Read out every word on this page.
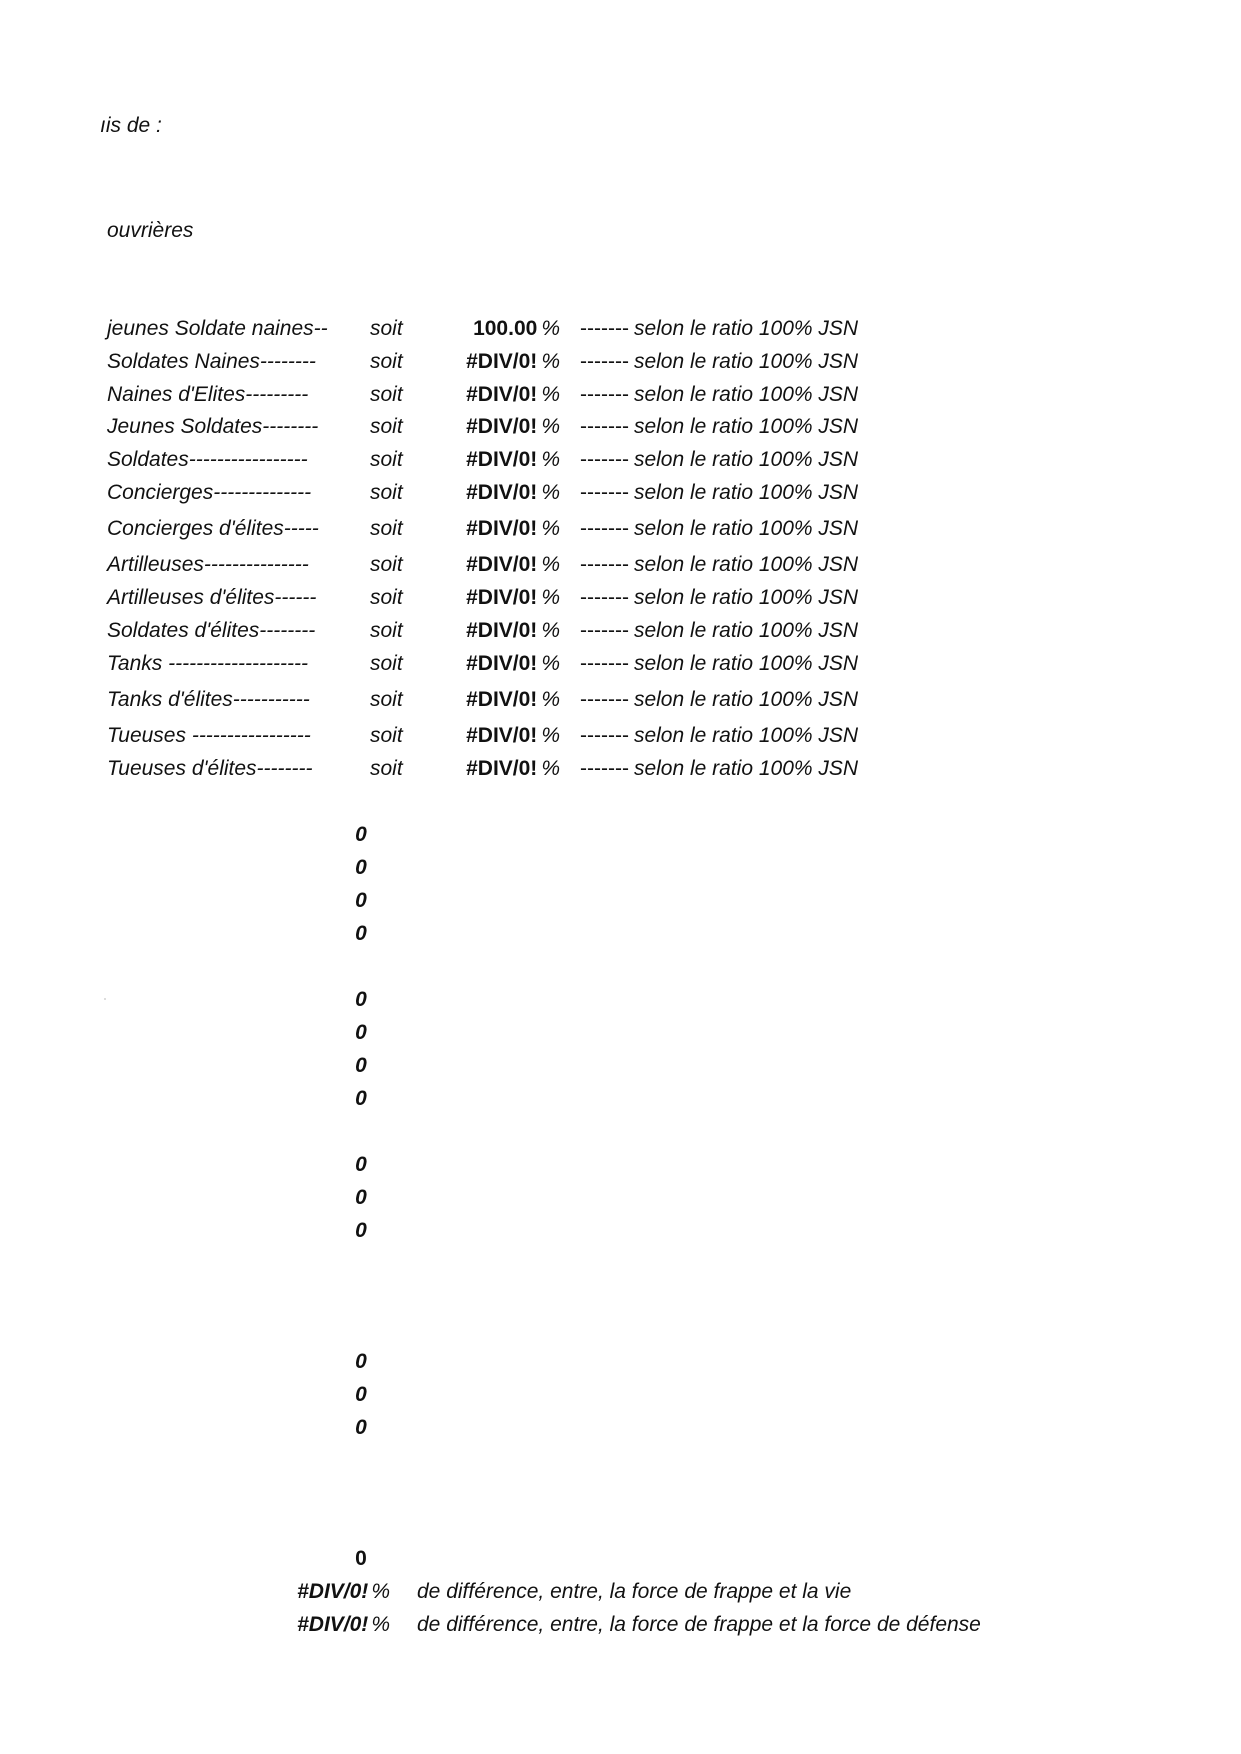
ıis de :
ouvrières
jeunes Soldate naines-- soit	100.00 % ------- selon le ratio 100% JSN
Soldates Naines--------	soit	#DIV/0! % ------- selon le ratio 100% JSN
Naines d'Elites---------	soit	#DIV/0! % ------- selon le ratio 100% JSN
Jeunes Soldates-------- soit	#DIV/0! % ------- selon le ratio 100% JSN
Soldates-----------------	soit	#DIV/0! % ------- selon le ratio 100% JSN
Concierges--------------	soit	#DIV/0! % ------- selon le ratio 100% JSN
Concierges d'élites----- soit	#DIV/0! % ------- selon le ratio 100% JSN
Artilleuses---------------	soit	#DIV/0! % ------- selon le ratio 100% JSN
Artilleuses d'élites------	soit	#DIV/0! % ------- selon le ratio 100% JSN
Soldates d'élites--------	soit	#DIV/0! % ------- selon le ratio 100% JSN
Tanks --------------------	soit	#DIV/0! % ------- selon le ratio 100% JSN
Tanks d'élites-----------	soit	#DIV/0! % ------- selon le ratio 100% JSN
Tueuses -----------------	soit	#DIV/0! % ------- selon le ratio 100% JSN
Tueuses d'élites--------	soit	#DIV/0! % ------- selon le ratio 100% JSN
0
0
0
0
0
0
0
0
0
0
0
0
0
0
0
#DIV/0! % de différence, entre, la force de frappe et la vie
#DIV/0! % de différence, entre, la force de frappe et la force de défense
